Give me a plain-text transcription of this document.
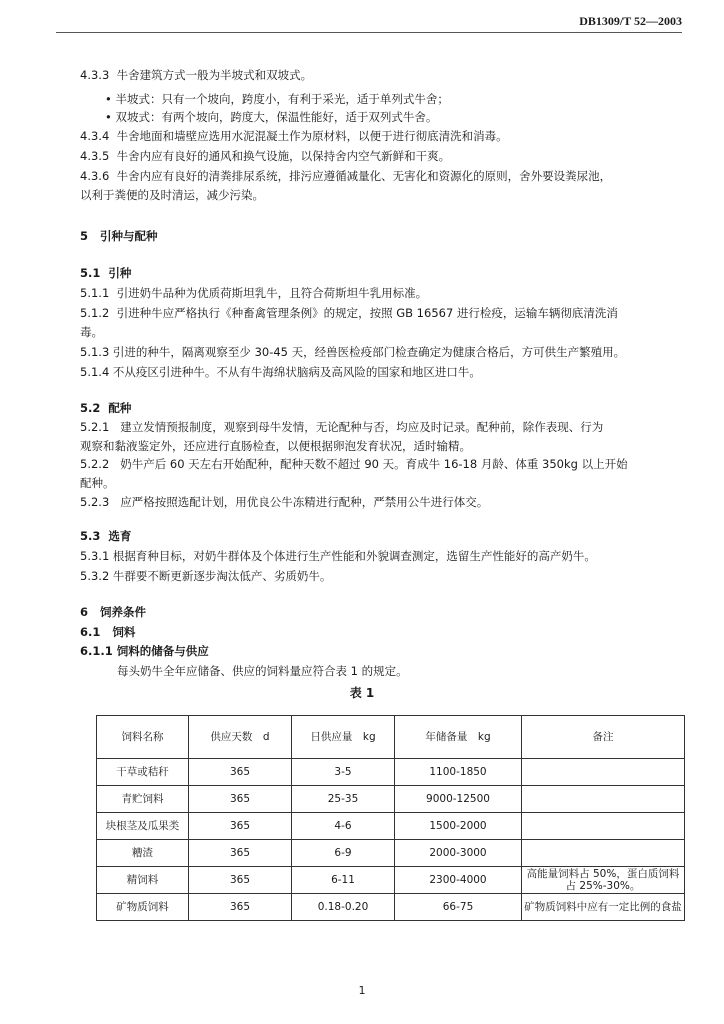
DB1309/T 52—2003
4.3.3 牛舍建筑方式一般为半坡式和双坡式。
• 半坡式：只有一个坡向，跨度小，有利于采光，适于单列式牛舍；
• 双坡式：有两个坡向，跨度大，保温性能好，适于双列式牛舍。
4.3.4 牛舍地面和墙壁应选用水泥混凝土作为原材料，以便于进行彻底清洗和消毒。
4.3.5 牛舍内应有良好的通风和换气设施，以保持舍内空气新鲜和干爽。
4.3.6 牛舍内应有良好的清粪排尿系统，排污应遵循减量化、无害化和资源化的原则，舍外要设粪尿池，
以利于粪便的及时清运，减少污染。
5 引种与配种
5.1 引种
5.1.1 引进奶牛品种为优质荷斯坦乳牛，且符合荷斯坦牛乳用标准。
5.1.2 引进种牛应严格执行《种畜禽管理条例》的规定，按照 GB 16567 进行检疫，运输车辆彻底清洗消
毒。
5.1.3 引进的种牛，隔离观察至少 30-45 天，经兽医检疫部门检查确定为健康合格后，方可供生产繁殖用。
5.1.4 不从疫区引进种牛。不从有牛海绵状脑病及高风险的国家和地区进口牛。
5.2 配种
5.2.1 建立发情预报制度，观察到母牛发情，无论配种与否，均应及时记录。配种前，除作表现、行为
观察和黏液鉴定外，还应进行直肠检查，以便根据卵泡发育状况，适时输精。
5.2.2 奶牛产后 60 天左右开始配种，配种天数不超过 90 天。育成牛 16-18 月龄、体重 350kg 以上开始
配种。
5.2.3 应严格按照选配计划，用优良公牛冻精进行配种，严禁用公牛进行体交。
5.3 选育
5.3.1 根据育种目标，对奶牛群体及个体进行生产性能和外貌调查测定，选留生产性能好的高产奶牛。
5.3.2 牛群要不断更新逐步淘汰低产、劣质奶牛。
6 饲养条件
6.1 饲料
6.1.1 饲料的储备与供应
每头奶牛全年应储备、供应的饲料量应符合表 1 的规定。
表 1
饲料名称	供应天数　d	日供应量　kg	年储备量　kg	备注
干草或秸秆	365	3-5	1100-1850	
青贮饲料	365	25-35	9000-12500	
块根茎及瓜果类	365	4-6	1500-2000	
糟渣	365	6-9	2000-3000	
精饲料	365	6-11	2300-4000	高能量饲料占 50%，蛋白质饲料占 25%-30%。
矿物质饲料	365	0.18-0.20	66-75	矿物质饲料中应有一定比例的食盐
1
